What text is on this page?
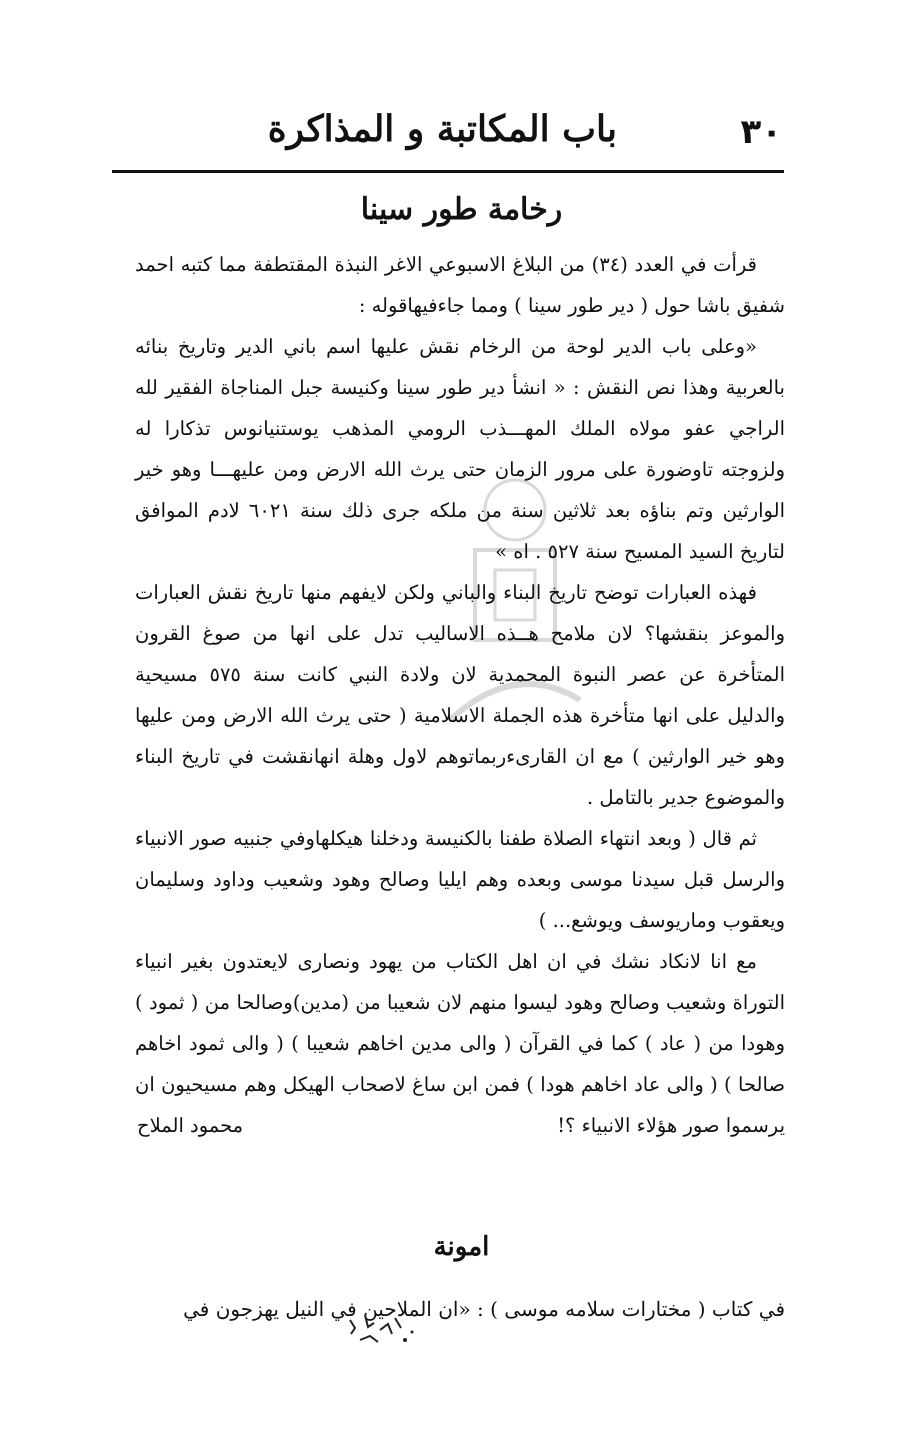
٣٠
باب المكاتبة و المذاكرة
رخامة طور سينا

قرأت في العدد (٣٤) من البلاغ الاسبوعي الاغر النبذة المقتطفة مما كتبه احمد شفيق باشا حول ( دير طور سينا ) ومما جاءفيهاقوله :

«وعلى باب الدير لوحة من الرخام نقش عليها اسم باني الدير وتاريخ بنائه بالعربية وهذا نص النقش : « انشأ دير طور سينا وكنيسة جبل المناجاة الفقير لله الراجي عفو مولاه الملك المهـــذب الرومي المذهب يوستنيانوس تذكارا له ولزوجته تاوضورة على مرور الزمان حتى يرث الله الارض ومن عليهـــا وهو خير الوارثين وتم بناؤه بعد ثلاثين سنة من ملكه جرى ذلك سنة ٦٠٢١ لادم الموافق لتاريخ السيد المسيح سنة ٥٢٧ . اه »

فهذه العبارات توضح تاريخ البناء والباني ولكن لايفهم منها تاريخ نقش العبارات والموعز بنقشها؟ لان ملامح هــذه الاساليب تدل على انها من صوغ القرون المتأخرة عن عصر النبوة المحمدية لان ولادة النبي كانت سنة ٥٧٥ مسيحية والدليل على انها متأخرة هذه الجملة الاسلامية ( حتى يرث الله الارض ومن عليها وهو خير الوارثين ) مع ان القارىءربماتوهم لاول وهلة انهانقشت في تاريخ البناء والموضوع جدير بالتامل .

ثم قال ( وبعد انتهاء الصلاة طفنا بالكنيسة ودخلنا هيكلهاوفي جنبيه صور الانبياء والرسل قبل سيدنا موسى وبعده وهم ايليا وصالح وهود وشعيب وداود وسليمان ويعقوب وماريوسف ويوشع... )

مع انا لانكاد نشك في ان اهل الكتاب من يهود ونصارى لايعتدون بغير انبياء التوراة وشعيب وصالح وهود ليسوا منهم لان شعيبا من (مدين)وصالحا من ( ثمود ) وهودا من ( عاد ) كما في القرآن ( والى مدين اخاهم شعيبا ) ( والى ثمود اخاهم صالحا ) ( والى عاد اخاهم هودا ) فمن ابن ساغ لاصحاب الهيكل وهم مسيحيون ان يرسموا صور هؤلاء الانبياء ؟!
محمود الملاح

امونة
في كتاب ( مختارات سلامه موسى ) : «ان الملاحين في النيل يهزجون في
